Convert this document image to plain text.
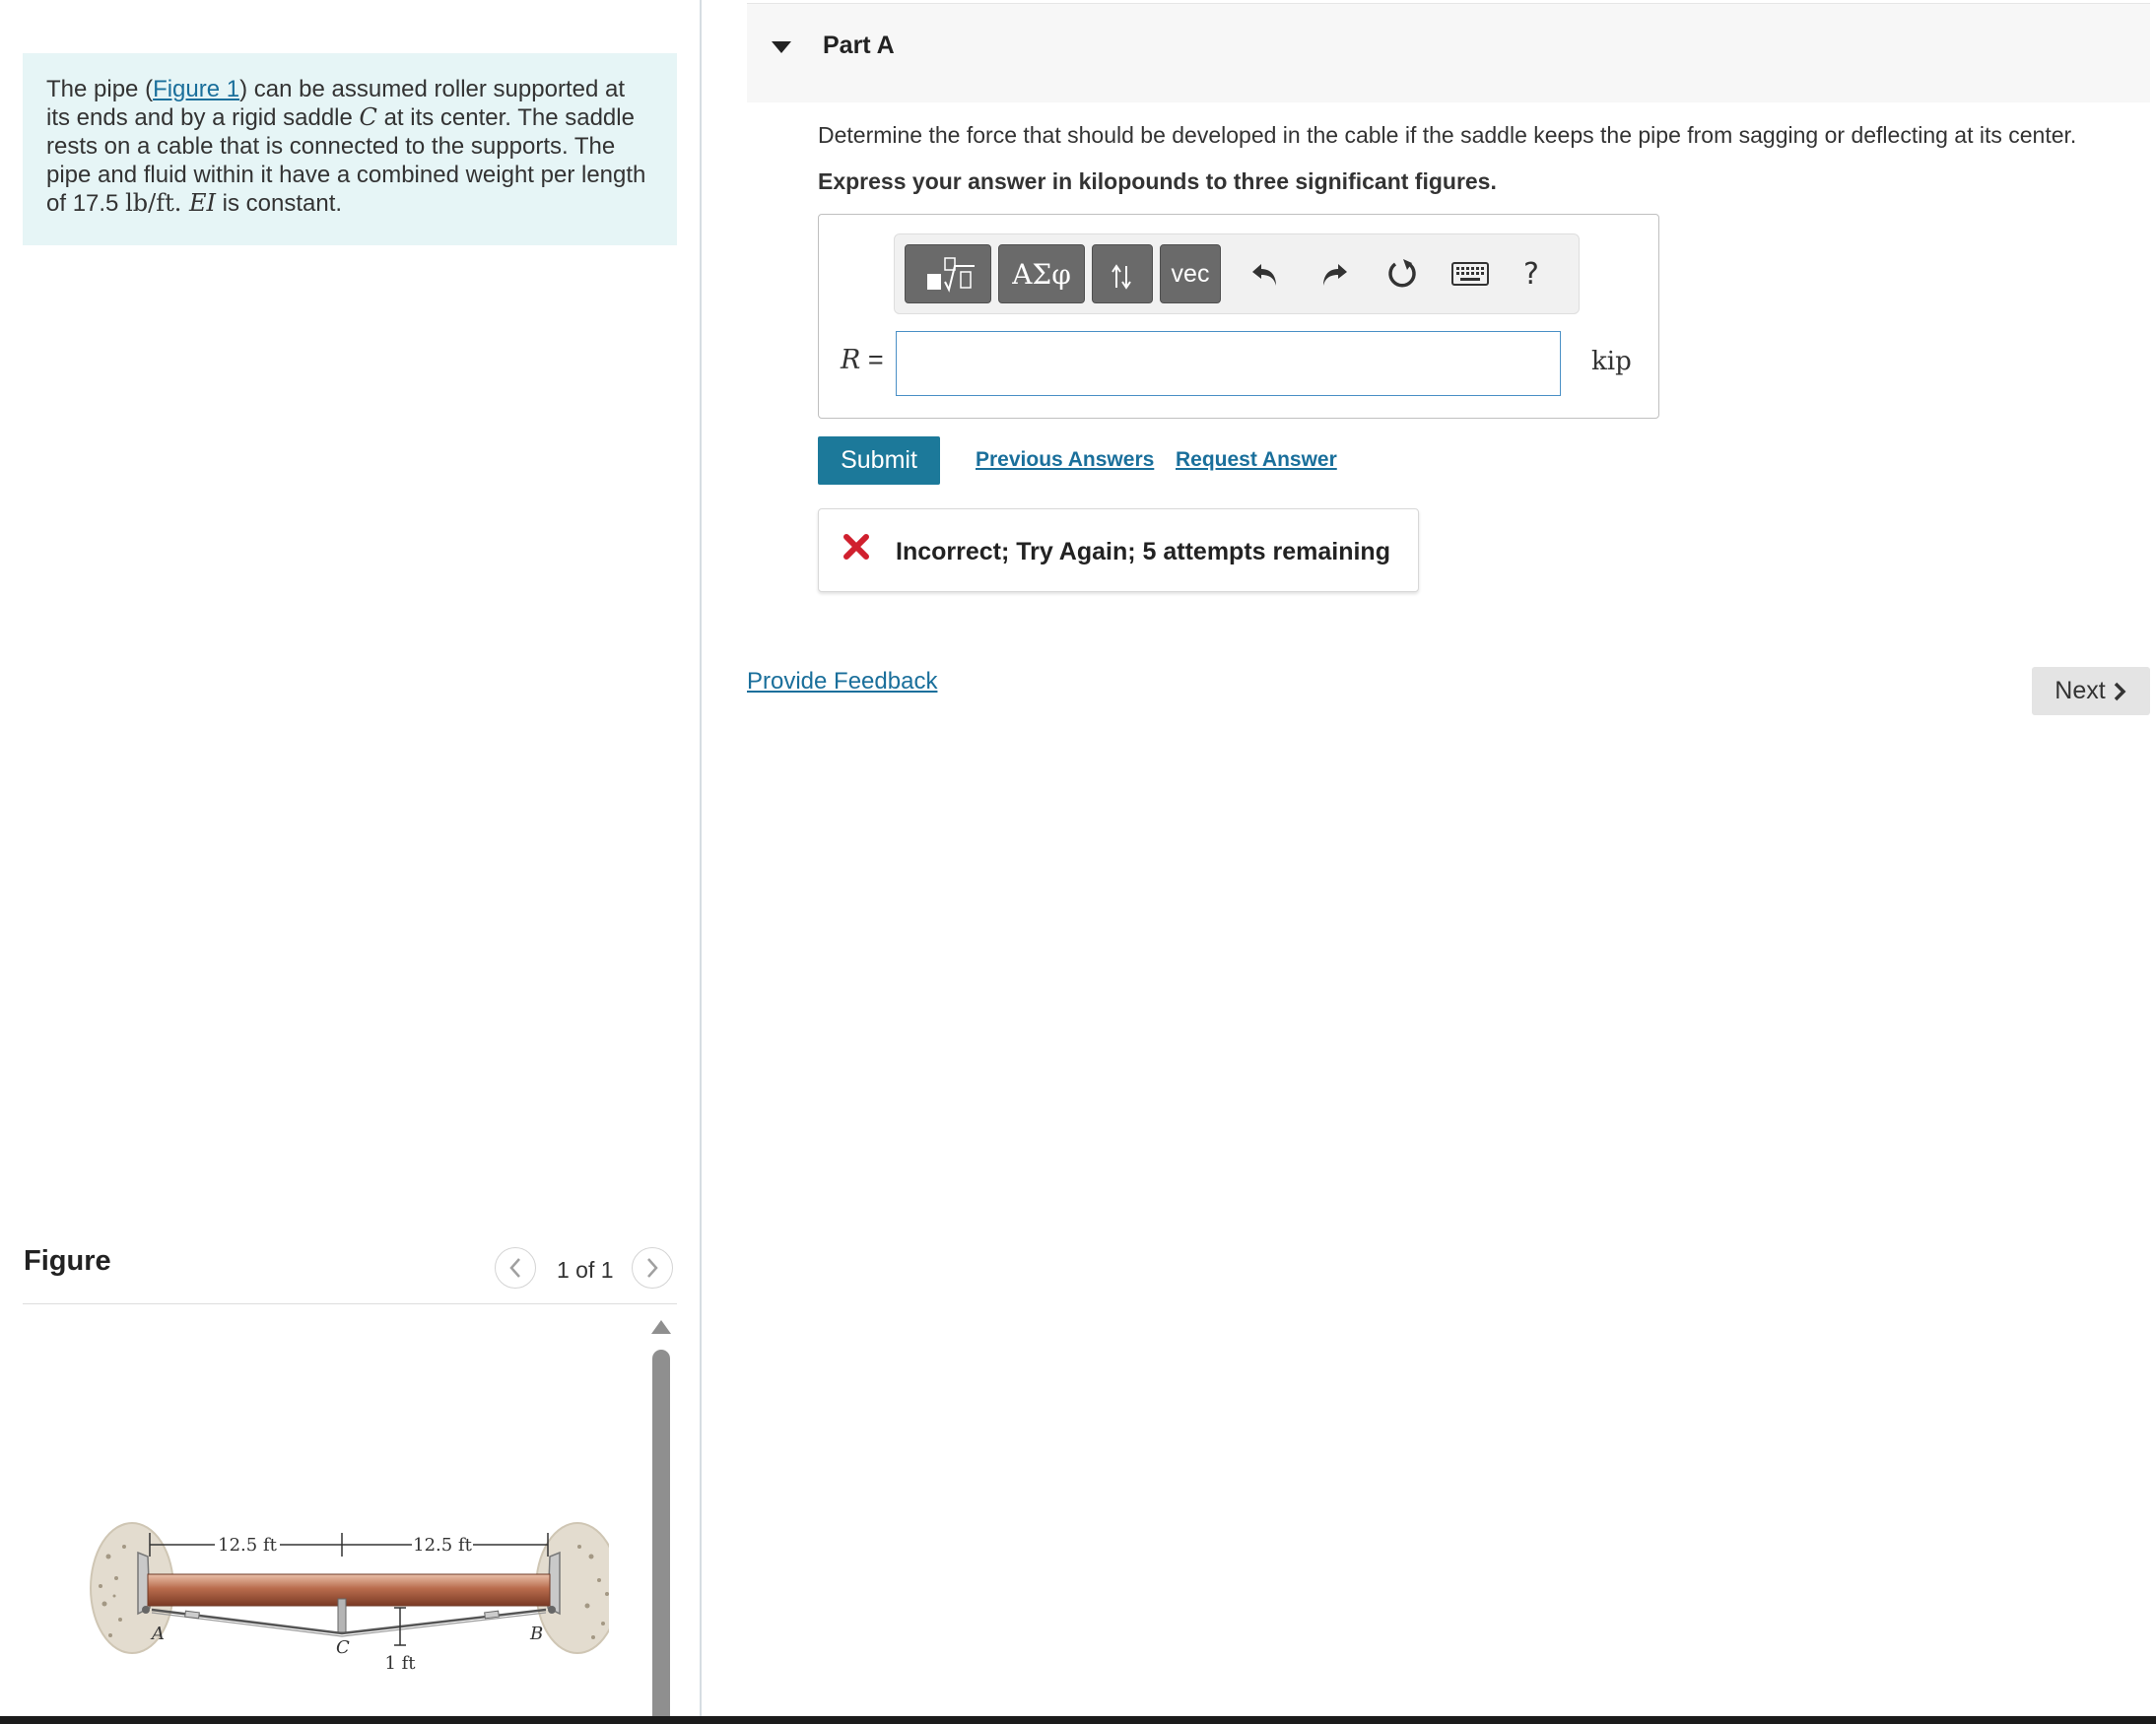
The pipe (Figure 1) can be assumed roller supported at its ends and by a rigid saddle C at its center. The saddle rests on a cable that is connected to the supports. The pipe and fluid within it have a combined weight per length of 17.5 lb/ft. EI is constant.
Figure	1 of 1
12.5 ft	12.5 ft
1 ft
A	B
C
Part A
Determine the force that should be developed in the cable if the saddle keeps the pipe from sagging or deflecting at its center.
Express your answer in kilopounds to three significant figures.
ΑΣφ	vec	?
R =	kip
Submit	Previous Answers Request Answer
Incorrect; Try Again; 5 attempts remaining
Provide Feedback	Next
